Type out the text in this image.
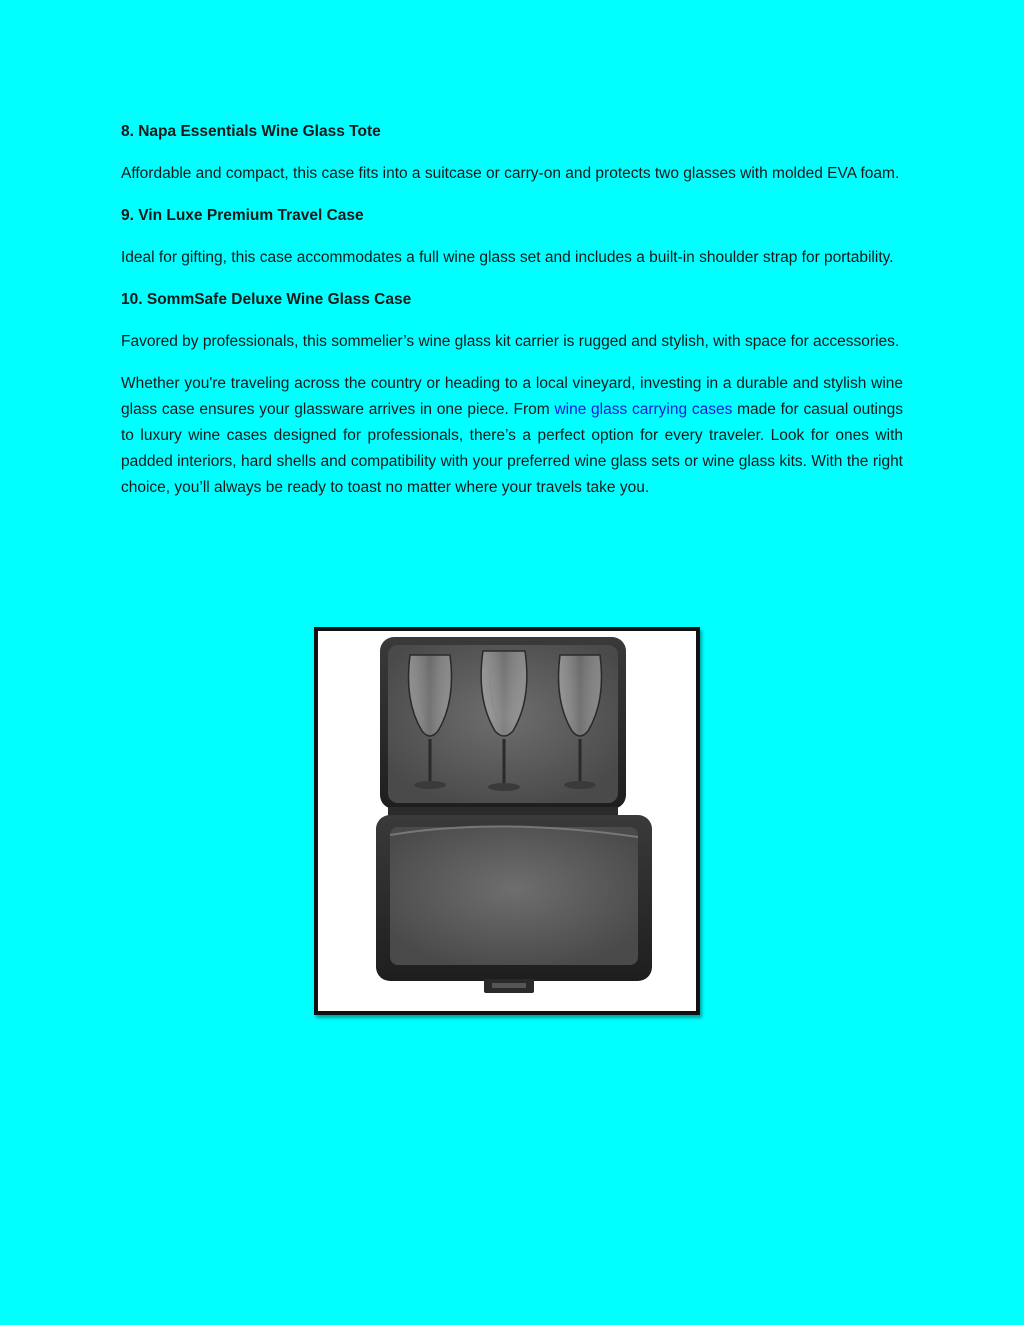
8. Napa Essentials Wine Glass Tote

Affordable and compact, this case fits into a suitcase or carry-on and protects two glasses with molded EVA foam.

9. Vin Luxe Premium Travel Case

Ideal for gifting, this case accommodates a full wine glass set and includes a built-in shoulder strap for portability.

10. SommSafe Deluxe Wine Glass Case

Favored by professionals, this sommelier’s wine glass kit carrier is rugged and stylish, with space for accessories.

Whether you're traveling across the country or heading to a local vineyard, investing in a durable and stylish wine glass case ensures your glassware arrives in one piece. From wine glass carrying cases made for casual outings to luxury wine cases designed for professionals, there’s a perfect option for every traveler. Look for ones with padded interiors, hard shells and compatibility with your preferred wine glass sets or wine glass kits. With the right choice, you’ll always be ready to toast no matter where your travels take you.
